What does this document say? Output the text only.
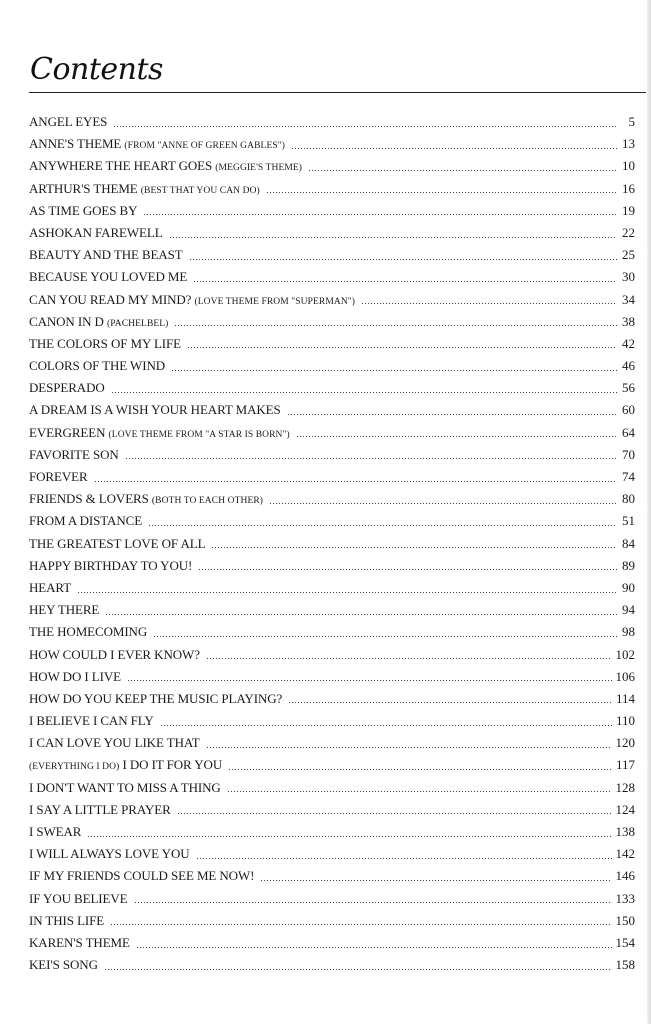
Contents
ANGEL EYES	5
ANNE'S THEME (FROM "ANNE OF GREEN GABLES")	13
ANYWHERE THE HEART GOES (MEGGIE'S THEME)	10
ARTHUR'S THEME (BEST THAT YOU CAN DO)	16
AS TIME GOES BY	19
ASHOKAN FAREWELL	22
BEAUTY AND THE BEAST	25
BECAUSE YOU LOVED ME	30
CAN YOU READ MY MIND? (LOVE THEME FROM "SUPERMAN")	34
CANON IN D (PACHELBEL)	38
THE COLORS OF MY LIFE	42
COLORS OF THE WIND	46
DESPERADO	56
A DREAM IS A WISH YOUR HEART MAKES	60
EVERGREEN (LOVE THEME FROM "A STAR IS BORN")	64
FAVORITE SON	70
FOREVER	74
FRIENDS & LOVERS (BOTH TO EACH OTHER)	80
FROM A DISTANCE	51
THE GREATEST LOVE OF ALL	84
HAPPY BIRTHDAY TO YOU!	89
HEART	90
HEY THERE	94
THE HOMECOMING	98
HOW COULD I EVER KNOW?	102
HOW DO I LIVE	106
HOW DO YOU KEEP THE MUSIC PLAYING?	114
I BELIEVE I CAN FLY	110
I CAN LOVE YOU LIKE THAT	120
(EVERYTHING I DO) I DO IT FOR YOU	117
I DON'T WANT TO MISS A THING	128
I SAY A LITTLE PRAYER	124
I SWEAR	138
I WILL ALWAYS LOVE YOU	142
IF MY FRIENDS COULD SEE ME NOW!	146
IF YOU BELIEVE	133
IN THIS LIFE	150
KAREN'S THEME	154
KEI'S SONG	158
